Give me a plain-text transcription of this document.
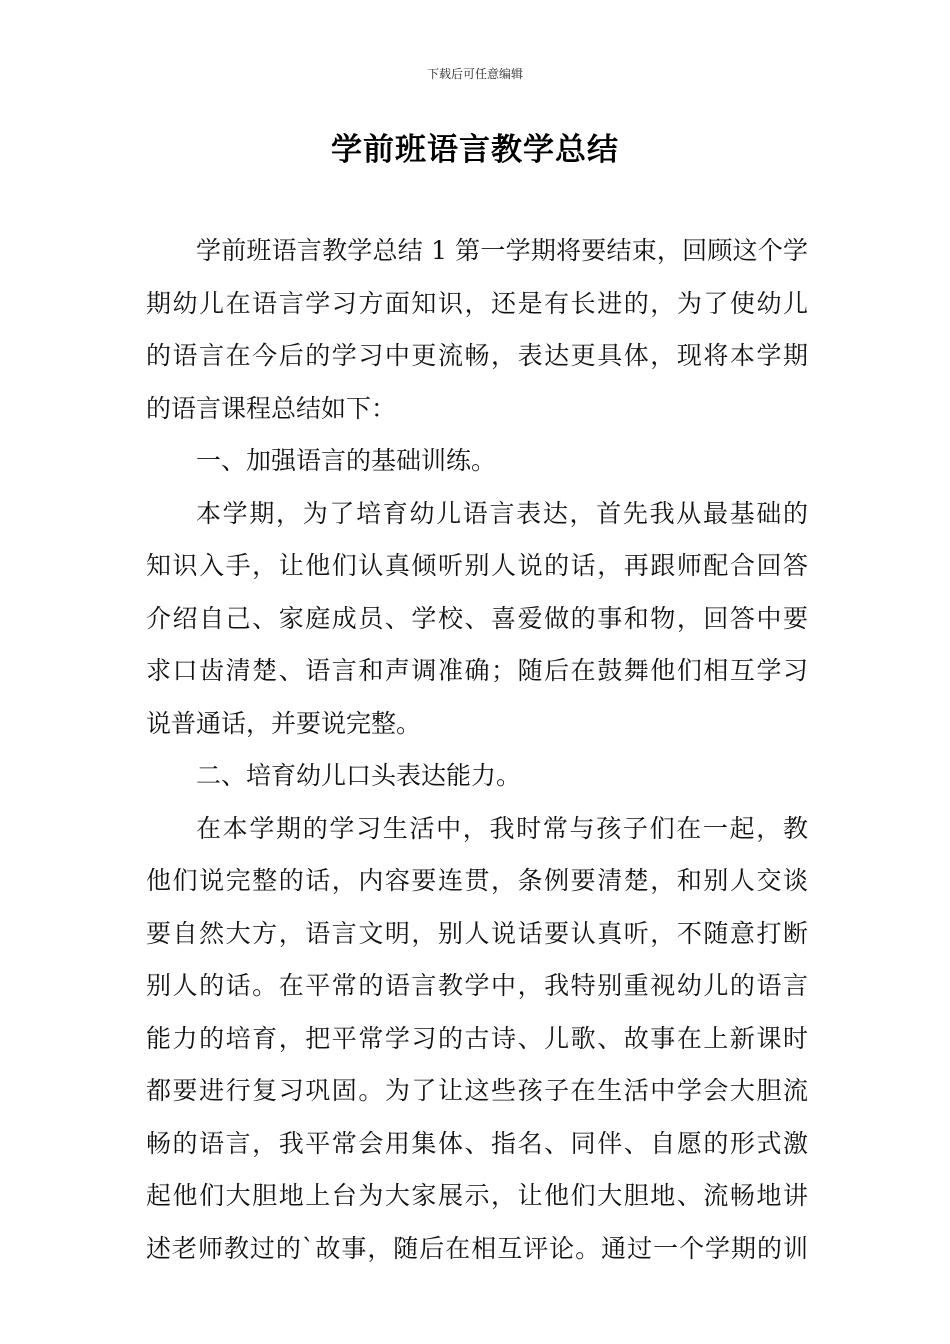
下载后可任意编辑
学前班语言教学总结
学前班语言教学总结 1 第一学期将要结束，回顾这个学
期幼儿在语言学习方面知识，还是有长进的，为了使幼儿
的语言在今后的学习中更流畅，表达更具体，现将本学期
的语言课程总结如下：
一、加强语言的基础训练。
本学期，为了培育幼儿语言表达，首先我从最基础的
知识入手，让他们认真倾听别人说的话，再跟师配合回答
介绍自己、家庭成员、学校、喜爱做的事和物，回答中要
求口齿清楚、语言和声调准确；随后在鼓舞他们相互学习
说普通话，并要说完整。
二、培育幼儿口头表达能力。
在本学期的学习生活中，我时常与孩子们在一起，教
他们说完整的话，内容要连贯，条例要清楚，和别人交谈
要自然大方，语言文明，别人说话要认真听，不随意打断
别人的话。在平常的语言教学中，我特别重视幼儿的语言
能力的培育，把平常学习的古诗、儿歌、故事在上新课时
都要进行复习巩固。为了让这些孩子在生活中学会大胆流
畅的语言，我平常会用集体、指名、同伴、自愿的形式激
起他们大胆地上台为大家展示，让他们大胆地、流畅地讲
述老师教过的`故事，随后在相互评论。通过一个学期的训
